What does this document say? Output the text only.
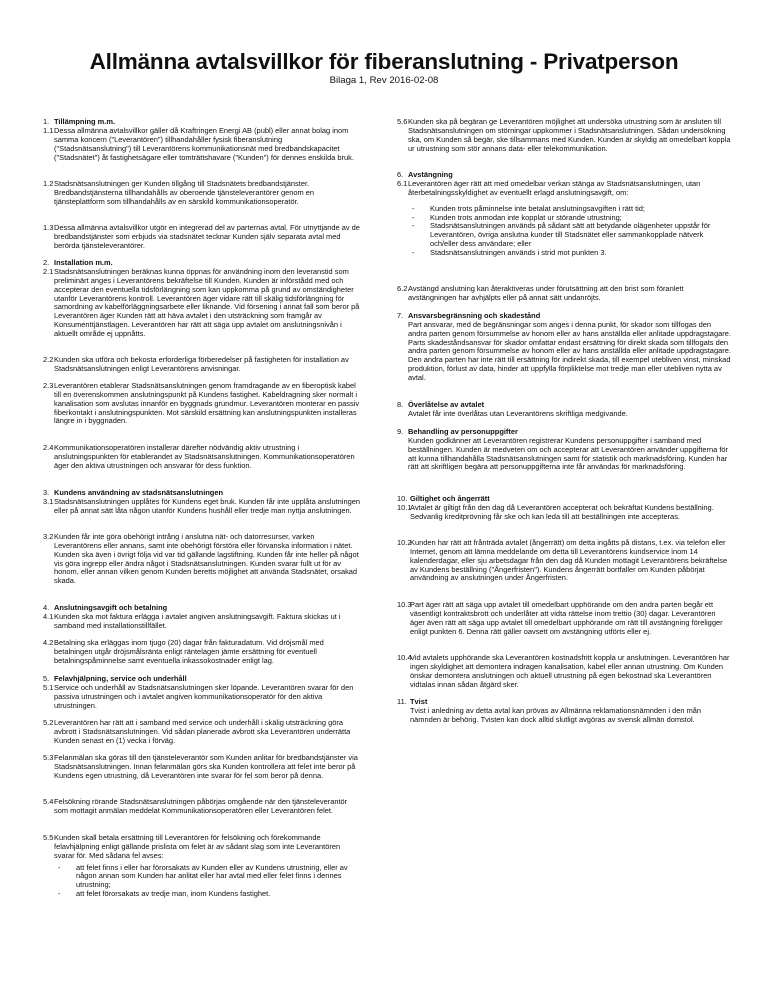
Allmänna avtalsvillkor för fiberanslutning - Privatperson
Bilaga 1, Rev 2016-02-08
1. Tillämpning m.m.
1.1 Dessa allmänna avtalsvillkor gäller då Kraftringen Energi AB (publ) eller annat bolag inom samma koncern ("Leverantören") tillhandahåller fysisk fiberanslutning ("Stadsnätsanslutning") till Leverantörens kommunikationsnät med bredbandskapacitet ("Stadsnätet") åt fastighetsägare eller tomträttshavare ("Kunden") för dennes enskilda bruk.
1.2 Stadsnätsanslutningen ger Kunden tillgång till Stadsnätets bredbandstjänster. Bredbandstjänsterna tillhandahålls av oberoende tjänsteleverantörer genom en tjänsteplattform som tillhandahålls av en särskild kommunikationsoperatör.
1.3 Dessa allmänna avtalsvillkor utgör en integrerad del av parternas avtal. För utnyttjande av de bredbandstjänster som erbjuds via stadsnätet tecknar Kunden själv separata avtal med berörda tjänsteleverantörer.
2. Installation m.m.
2.1 Stadsnätsanslutningen beräknas kunna öppnas för användning inom den leveranstid som preliminärt anges i Leverantörens bekräftelse till Kunden. Kunden är införstådd med och accepterar den eventuella tidsförlängning som kan uppkomma på grund av omständigheter utanför Leverantörens kontroll. Leverantören äger vidare rätt till skälig tidsförlängning för samordning av kabelförläggningsarbete eller liknande. Vid försening i annat fall som beror på Leverantören äger Kunden rätt att häva avtalet i den utsträckning som framgår av Konsumenttjänstlagen. Leverantören har rätt att säga upp avtalet om anslutningsnivån i aktuellt område ej uppnåtts.
2.2 Kunden ska utföra och bekosta erforderliga förberedelser på fastigheten för installation av Stadsnätsanslutningen enligt Leverantörens anvisningar.
2.3 Leverantören etablerar Stadsnätsanslutningen genom framdragande av en fiberoptisk kabel till en överenskommen anslutningspunkt på Kundens fastighet. Kabeldragning sker normalt i kanalisation som avslutas innanför en byggnads grundmur. Leverantören monterar en passiv fiberkontakt i anslutningspunkten. Mot särskild ersättning kan anslutningspunkten installeras längre in i byggnaden.
2.4 Kommunikationsoperatören installerar därefter nödvändig aktiv utrustning i anslutningspunkten för etablerandet av Stadsnätsanslutningen. Kommunikationsoperatören äger den aktiva utrustningen och ansvarar för dess funktion.
3. Kundens användning av stadsnätsanslutningen
3.1 Stadsnätsanslutningen upplåtes för Kundens eget bruk. Kunden får inte upplåta anslutningen eller på annat sätt låta någon utanför Kundens hushåll eller tredje man nyttja anslutningen.
3.2 Kunden får inte göra obehörigt intrång i anslutna nät- och datorresurser, varken Leverantörens eller annans, samt inte obehörigt förstöra eller förvanska information i nätet. Kunden ska även i övrigt följa vid var tid gällande lagstiftning. Kunden får inte heller på något vis göra ingrepp eller ändra något i Stadsnätsanslutningen. Kunden svarar fullt ut för av honom, eller annan vilken genom Kunden beretts möjlighet att använda Stadsnätet, orsakad skada.
4. Anslutningsavgift och betalning
4.1 Kunden ska mot faktura erlägga i avtalet angiven anslutningsavgift. Faktura skickas ut i samband med installationstillfället.
4.2 Betalning ska erläggas inom tjugo (20) dagar från fakturadatum. Vid dröjsmål med betalningen utgår dröjsmålsränta enligt räntelagen jämte ersättning för eventuell betalningspåminnelse samt eventuella inkassokostnader enligt lag.
5. Felavhjälpning, service och underhåll
5.1 Service och underhåll av Stadsnätsanslutningen sker löpande. Leverantören svarar för den passiva utrustningen och i avtalet angiven kommunikationsoperatör för den aktiva utrustningen.
5.2 Leverantören har rätt att i samband med service och underhåll i skälig utsträckning göra avbrott i Stadsnätsanslutningen. Vid sådan planerade avbrott ska Leverantören underrätta Kunden senast en (1) vecka i förväg.
5.3 Felanmälan ska göras till den tjänsteleverantör som Kunden anlitar för bredbandstjänster via Stadsnätsanslutningen. Innan felanmälan görs ska Kunden kontrollera att felet inte beror på Kundens egen utrustning, då Leverantören inte svarar för fel som beror på denna.
5.4 Felsökning rörande Stadsnätsanslutningen påbörjas omgående när den tjänsteleverantör som mottagit anmälan meddelat Kommunikationsoperatören eller Leverantören felet.
5.5 Kunden skall betala ersättning till Leverantören för felsökning och förekommande felavhjälpning enligt gällande prislista om felet är av sådant slag som inte Leverantören svarar för. Med sådana fel avses:
- att felet finns i eller har förorsakats av Kunden eller av Kundens utrustning, eller av någon annan som Kunden har anlitat eller har avtal med eller felet finns i dennes utrustning;
- att felet förorsakats av tredje man, inom Kundens fastighet.
5.6 Kunden ska på begäran ge Leverantören möjlighet att undersöka utrustning som är ansluten till Stadsnätsanslutningen om störningar uppkommer i Stadsnätsanslutningen. Sådan undersökning ska, om Kunden så begär, ske tillsammans med Kunden. Kunden är skyldig att omedelbart koppla ur utrustning som stör annans data- eller telekommunikation.
6. Avstängning
6.1 Leverantören äger rätt att med omedelbar verkan stänga av Stadsnätsanslutningen, utan återbetalningsskyldighet av eventuellt erlagd anslutningsavgift, om:
- Kunden trots påminnelse inte betalat anslutningsavgiften i rätt tid;
- Kunden trots anmodan inte kopplat ur störande utrustning;
- Stadsnätsanslutningen används på sådant sätt att betydande olägenheter uppstår för Leverantören, övriga anslutna kunder till Stadsnätet eller sammankopplade nätverk och/eller dess användare; eller
- Stadsnätsanslutningen används i strid mot punkten 3.
6.2 Avstängd anslutning kan återaktiveras under förutsättning att den brist som föranlett avstängningen har avhjälpts eller på annat sätt undanröjts.
7. Ansvarsbegränsning och skadestånd
Part ansvarar, med de begränsningar som anges i denna punkt, för skador som tillfogas den andra parten genom försummelse av honom eller av hans anställda eller anlitade uppdragstagare. Parts skadeståndsansvar för skador omfattar endast ersättning för direkt skada som tillfogats den andra parten genom försummelse av honom eller av hans anställda eller anlitade uppdragstagare. Den andra parten har inte rätt till ersättning för indirekt skada, till exempel utebliven vinst, minskad produktion, förlust av data, hinder att uppfylla förpliktelse mot tredje man eller utebliven nytta av avtal.
8. Överlåtelse av avtalet
Avtalet får inte överlåtas utan Leverantörens skriftliga medgivande.
9. Behandling av personuppgifter
Kunden godkänner att Leverantören registrerar Kundens personuppgifter i samband med beställningen. Kunden är medveten om och accepterar att Leverantören använder uppgifterna för att kunna tillhandahålla Stadsnätsanslutningen samt för statistik och marknadsföring. Kunden har rätt att skriftligen begära att personuppgifterna inte får användas för marknadsföring.
10. Giltighet och ångerrätt
10.1
Avtalet är giltigt från den dag då Leverantören accepterat och bekräftat Kundens beställning. Sedvanlig kreditprövning får ske och kan leda till att beställningen inte accepteras.
10.2
Kunden har rätt att frånträda avtalet (ångerrätt) om detta ingåtts på distans, t.ex. via telefon eller Internet, genom att lämna meddelande om detta till Leverantörens kundservice inom 14 kalenderdagar, eller sju arbetsdagar från den dag då Kunden mottagit Leverantörens bekräftelse av Kundens beställning ("Ångerfristen"). Kundens ångerrätt bortfaller om Kunden påbörjat användning av anslutningen under Ångerfristen.
10.3
Part äger rätt att säga upp avtalet till omedelbart upphörande om den andra parten begår ett väsentligt kontraktsbrott och underlåter att vidta rättelse inom trettio (30) dagar. Leverantören äger även rätt att säga upp avtalet till omedelbart upphörande om rätt till avstängning föreligger enligt punkten 6. Denna rätt gäller oavsett om avstängning utförts eller ej.
10.4
Vid avtalets upphörande ska Leverantören kostnadsfritt koppla ur anslutningen. Leverantören har ingen skyldighet att demontera indragen kanalisation, kabel eller annan utrustning. Om Kunden önskar demontera anslutningen och aktuell utrustning på egen bekostnad ska Leverantören vidtalas innan sådan åtgärd sker.
11. Tvist
Tvist i anledning av detta avtal kan prövas av Allmänna reklamationsnämnden i den mån nämnden är behörig. Tvisten kan dock alltid slutligt avgöras av svensk allmän domstol.
